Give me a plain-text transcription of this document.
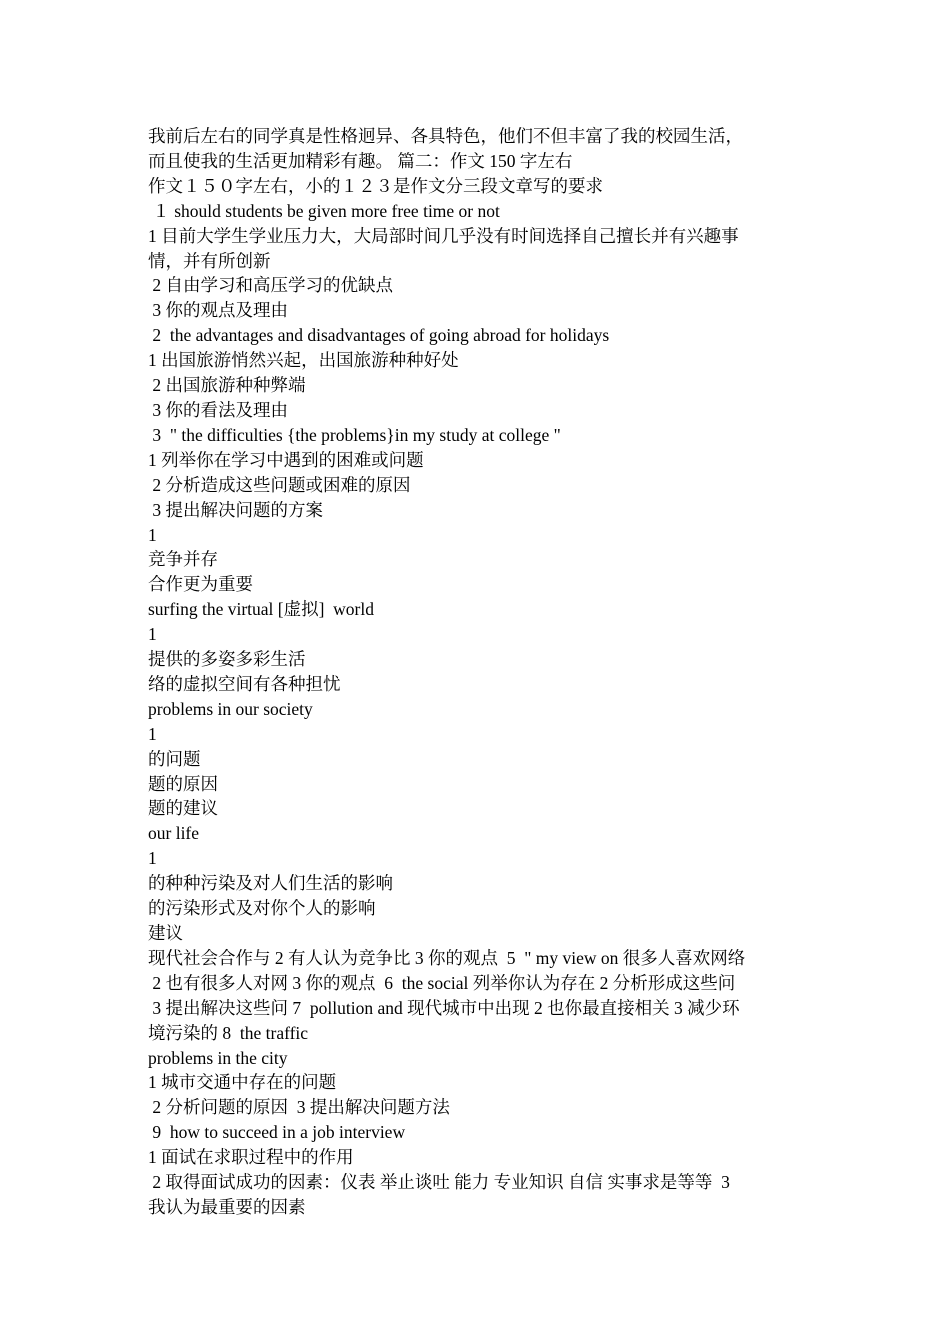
我前后左右的同学真是性格迥异、各具特色，他们不但丰富了我的校园生活，
而且使我的生活更加精彩有趣。 篇二：作文 150 字左右
作文１５０字左右，小的１２３是作文分三段文章写的要求
１ should students be given more free time or not
1 目前大学生学业压力大，大局部时间几乎没有时间选择自己擅长并有兴趣事
情，并有所创新
2 自由学习和高压学习的优缺点
3 你的观点及理由
2  the advantages and disadvantages of going abroad for holidays
1 出国旅游悄然兴起，出国旅游种种好处
2 出国旅游种种弊端
3 你的看法及理由
3  " the difficulties {the problems}in my study at college "
1 列举你在学习中遇到的困难或问题
2 分析造成这些问题或困难的原因
3 提出解决问题的方案
1
竞争并存
合作更为重要
surfing the virtual [虚拟]  world
1
提供的多姿多彩生活
络的虚拟空间有各种担忧
problems in our society
1
的问题
题的原因
题的建议
our life
1
的种种污染及对人们生活的影响
的污染形式及对你个人的影响
建议
现代社会合作与 2 有人认为竞争比 3 你的观点  5  " my view on 很多人喜欢网络
2 也有很多人对网 3 你的观点  6  the social 列举你认为存在 2 分析形成这些问
3 提出解决这些问 7  pollution and 现代城市中出现 2 也你最直接相关 3 减少环
境污染的 8  the traffic
problems in the city
1 城市交通中存在的问题
2 分析问题的原因  3 提出解决问题方法
9  how to succeed in a job interview
1 面试在求职过程中的作用
2 取得面试成功的因素：仪表 举止谈吐 能力 专业知识 自信 实事求是等等  3
我认为最重要的因素
